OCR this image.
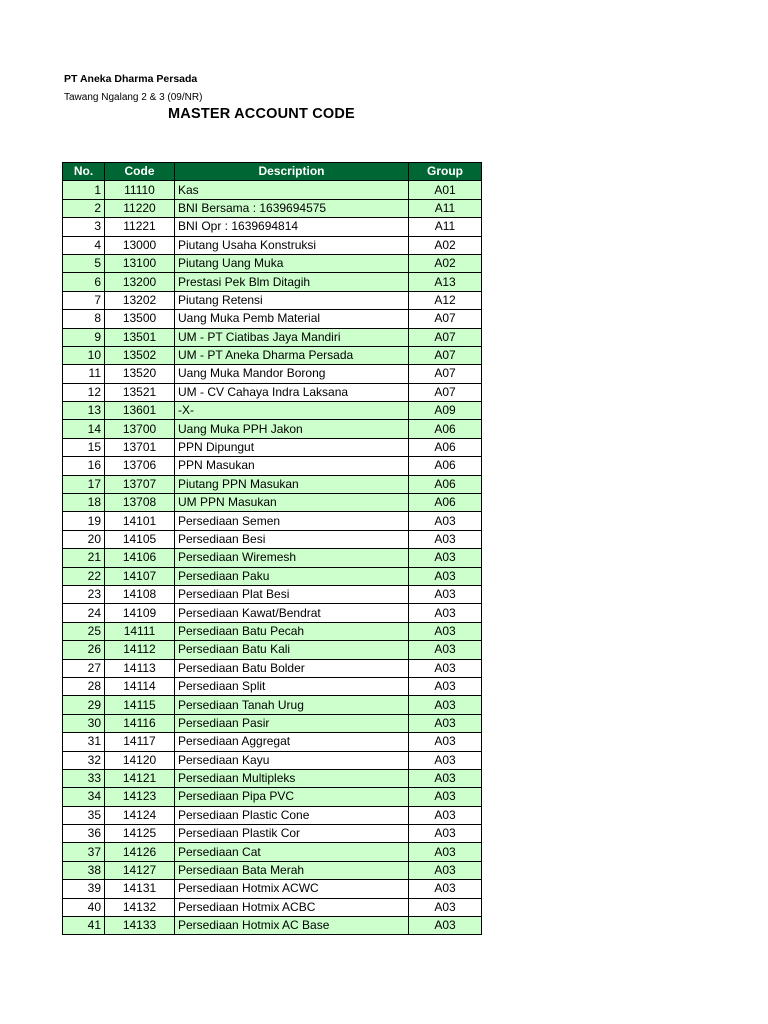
PT Aneka Dharma Persada
Tawang Ngalang 2 & 3 (09/NR)
MASTER ACCOUNT CODE
No.	Code	Description	Group
1	11110	Kas	A01
2	11220	BNI Bersama : 1639694575	A11
3	11221	BNI Opr : 1639694814	A11
4	13000	Piutang Usaha Konstruksi	A02
5	13100	Piutang Uang Muka	A02
6	13200	Prestasi Pek Blm Ditagih	A13
7	13202	Piutang Retensi	A12
8	13500	Uang Muka Pemb Material	A07
9	13501	UM - PT Ciatibas Jaya Mandiri	A07
10	13502	UM - PT Aneka Dharma Persada	A07
11	13520	Uang Muka Mandor Borong	A07
12	13521	UM - CV Cahaya Indra Laksana	A07
13	13601	-X-	A09
14	13700	Uang Muka PPH Jakon	A06
15	13701	PPN Dipungut	A06
16	13706	PPN Masukan	A06
17	13707	Piutang PPN Masukan	A06
18	13708	UM PPN Masukan	A06
19	14101	Persediaan Semen	A03
20	14105	Persediaan Besi	A03
21	14106	Persediaan Wiremesh	A03
22	14107	Persediaan Paku	A03
23	14108	Persediaan Plat Besi	A03
24	14109	Persediaan Kawat/Bendrat	A03
25	14111	Persediaan Batu Pecah	A03
26	14112	Persediaan Batu Kali	A03
27	14113	Persediaan Batu Bolder	A03
28	14114	Persediaan Split	A03
29	14115	Persediaan Tanah Urug	A03
30	14116	Persediaan Pasir	A03
31	14117	Persediaan Aggregat	A03
32	14120	Persediaan Kayu	A03
33	14121	Persediaan Multipleks	A03
34	14123	Persediaan Pipa PVC	A03
35	14124	Persediaan Plastic Cone	A03
36	14125	Persediaan Plastik Cor	A03
37	14126	Persediaan Cat	A03
38	14127	Persediaan Bata Merah	A03
39	14131	Persediaan Hotmix ACWC	A03
40	14132	Persediaan Hotmix ACBC	A03
41	14133	Persediaan Hotmix AC Base	A03
